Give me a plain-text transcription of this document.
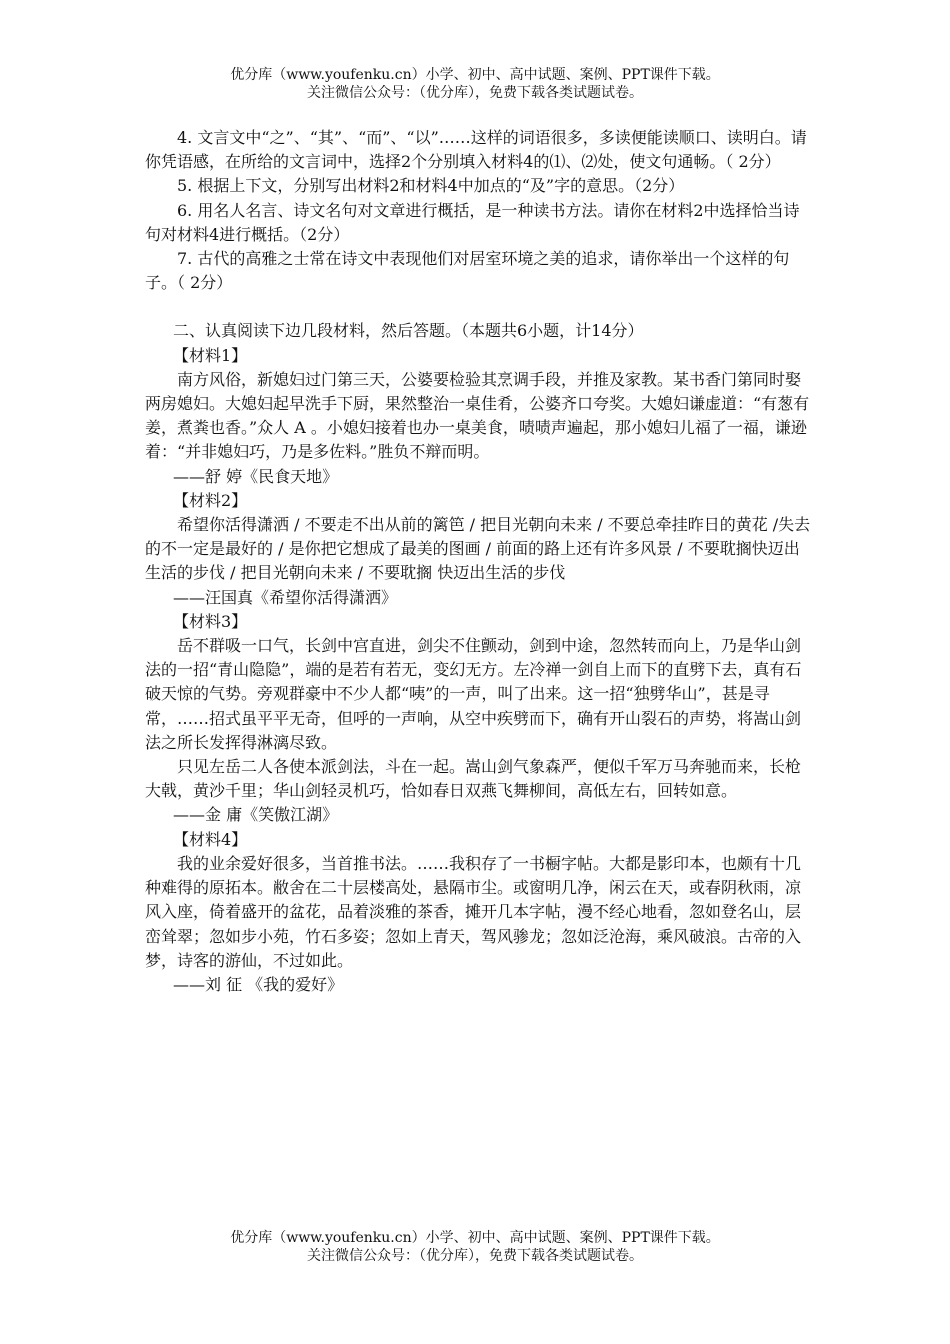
优分库（www.youfenku.cn）小学、初中、高中试题、案例、PPT课件下载。
关注微信公众号：（优分库），免费下载各类试题试卷。

4. 文言文中“之”、“其”、“而”、“以”……这样的词语很多，多读便能读顺口、读明白。请你凭语感，在所给的文言词中，选择2个分别填入材料4的⑴、⑵处，使文句通畅。（ 2分）

5. 根据上下文，分别写出材料2和材料4中加点的“及”字的意思。（2分）

6. 用名人名言、诗文名句对文章进行概括，是一种读书方法。请你在材料2中选择恰当诗句对材料4进行概括。（2分）

7. 古代的高雅之士常在诗文中表现他们对居室环境之美的追求，请你举出一个这样的句子。（ 2分）

二、认真阅读下边几段材料，然后答题。（本题共6小题，计14分）

【材料1】

南方风俗，新媳妇过门第三天，公婆要检验其烹调手段，并推及家教。某书香门第同时娶两房媳妇。大媳妇起早洗手下厨，果然整治一桌佳肴，公婆齐口夸奖。大媳妇谦虚道：“有葱有姜，煮粪也香。”众人 A 。小媳妇接着也办一桌美食，啧啧声遍起，那小媳妇儿福了一福，谦逊着：“并非媳妇巧，乃是多佐料。”胜负不辩而明。

——舒 婷《民食天地》

【材料2】

希望你活得潇洒 / 不要走不出从前的篱笆 / 把目光朝向未来 / 不要总牵挂昨日的黄花 /失去的不一定是最好的 / 是你把它想成了最美的图画 / 前面的路上还有许多风景 / 不要耽搁快迈出生活的步伐 / 把目光朝向未来 / 不要耽搁 快迈出生活的步伐

——汪国真《希望你活得潇洒》

【材料3】

岳不群吸一口气，长剑中宫直进，剑尖不住颤动，剑到中途，忽然转而向上，乃是华山剑法的一招“青山隐隐”，端的是若有若无，变幻无方。左冷禅一剑自上而下的直劈下去，真有石破天惊的气势。旁观群豪中不少人都“咦”的一声，叫了出来。这一招“独劈华山”，甚是寻常，……招式虽平平无奇，但呼的一声响，从空中疾劈而下，确有开山裂石的声势，将嵩山剑法之所长发挥得淋漓尽致。

只见左岳二人各使本派剑法，斗在一起。嵩山剑气象森严，便似千军万马奔驰而来，长枪大戟，黄沙千里；华山剑轻灵机巧，恰如春日双燕飞舞柳间，高低左右，回转如意。

——金 庸《笑傲江湖》

【材料4】

我的业余爱好很多，当首推书法。……我积存了一书橱字帖。大都是影印本，也颇有十几种难得的原拓本。敝舍在二十层楼高处，悬隔市尘。或窗明几净，闲云在天，或春阴秋雨，凉风入座，倚着盛开的盆花，品着淡雅的茶香，摊开几本字帖，漫不经心地看，忽如登名山，层峦耸翠；忽如步小苑，竹石多姿；忽如上青天，驾风骖龙；忽如泛沧海，乘风破浪。古帝的入梦，诗客的游仙，不过如此。

——刘 征 《我的爱好》

优分库（www.youfenku.cn）小学、初中、高中试题、案例、PPT课件下载。
关注微信公众号：（优分库），免费下载各类试题试卷。
